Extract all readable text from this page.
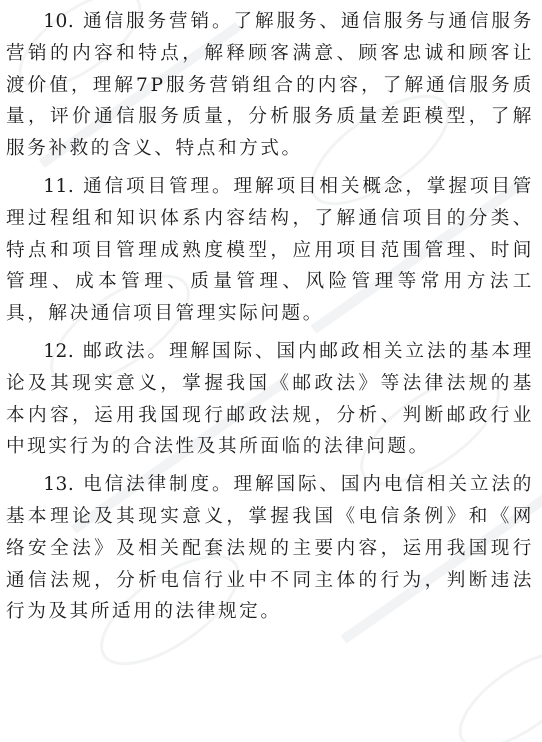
10. 通信服务营销。了解服务、通信服务与通信服务营销的内容和特点，解释顾客满意、顾客忠诚和顾客让渡价值，理解7P服务营销组合的内容，了解通信服务质量，评价通信服务质量，分析服务质量差距模型，了解服务补救的含义、特点和方式。

11. 通信项目管理。理解项目相关概念，掌握项目管理过程组和知识体系内容结构，了解通信项目的分类、特点和项目管理成熟度模型，应用项目范围管理、时间管理、成本管理、质量管理、风险管理等常用方法工具，解决通信项目管理实际问题。

12. 邮政法。理解国际、国内邮政相关立法的基本理论及其现实意义，掌握我国《邮政法》等法律法规的基本内容，运用我国现行邮政法规，分析、判断邮政行业中现实行为的合法性及其所面临的法律问题。

13. 电信法律制度。理解国际、国内电信相关立法的基本理论及其现实意义，掌握我国《电信条例》和《网络安全法》及相关配套法规的主要内容，运用我国现行通信法规，分析电信行业中不同主体的行为，判断违法行为及其所适用的法律规定。
